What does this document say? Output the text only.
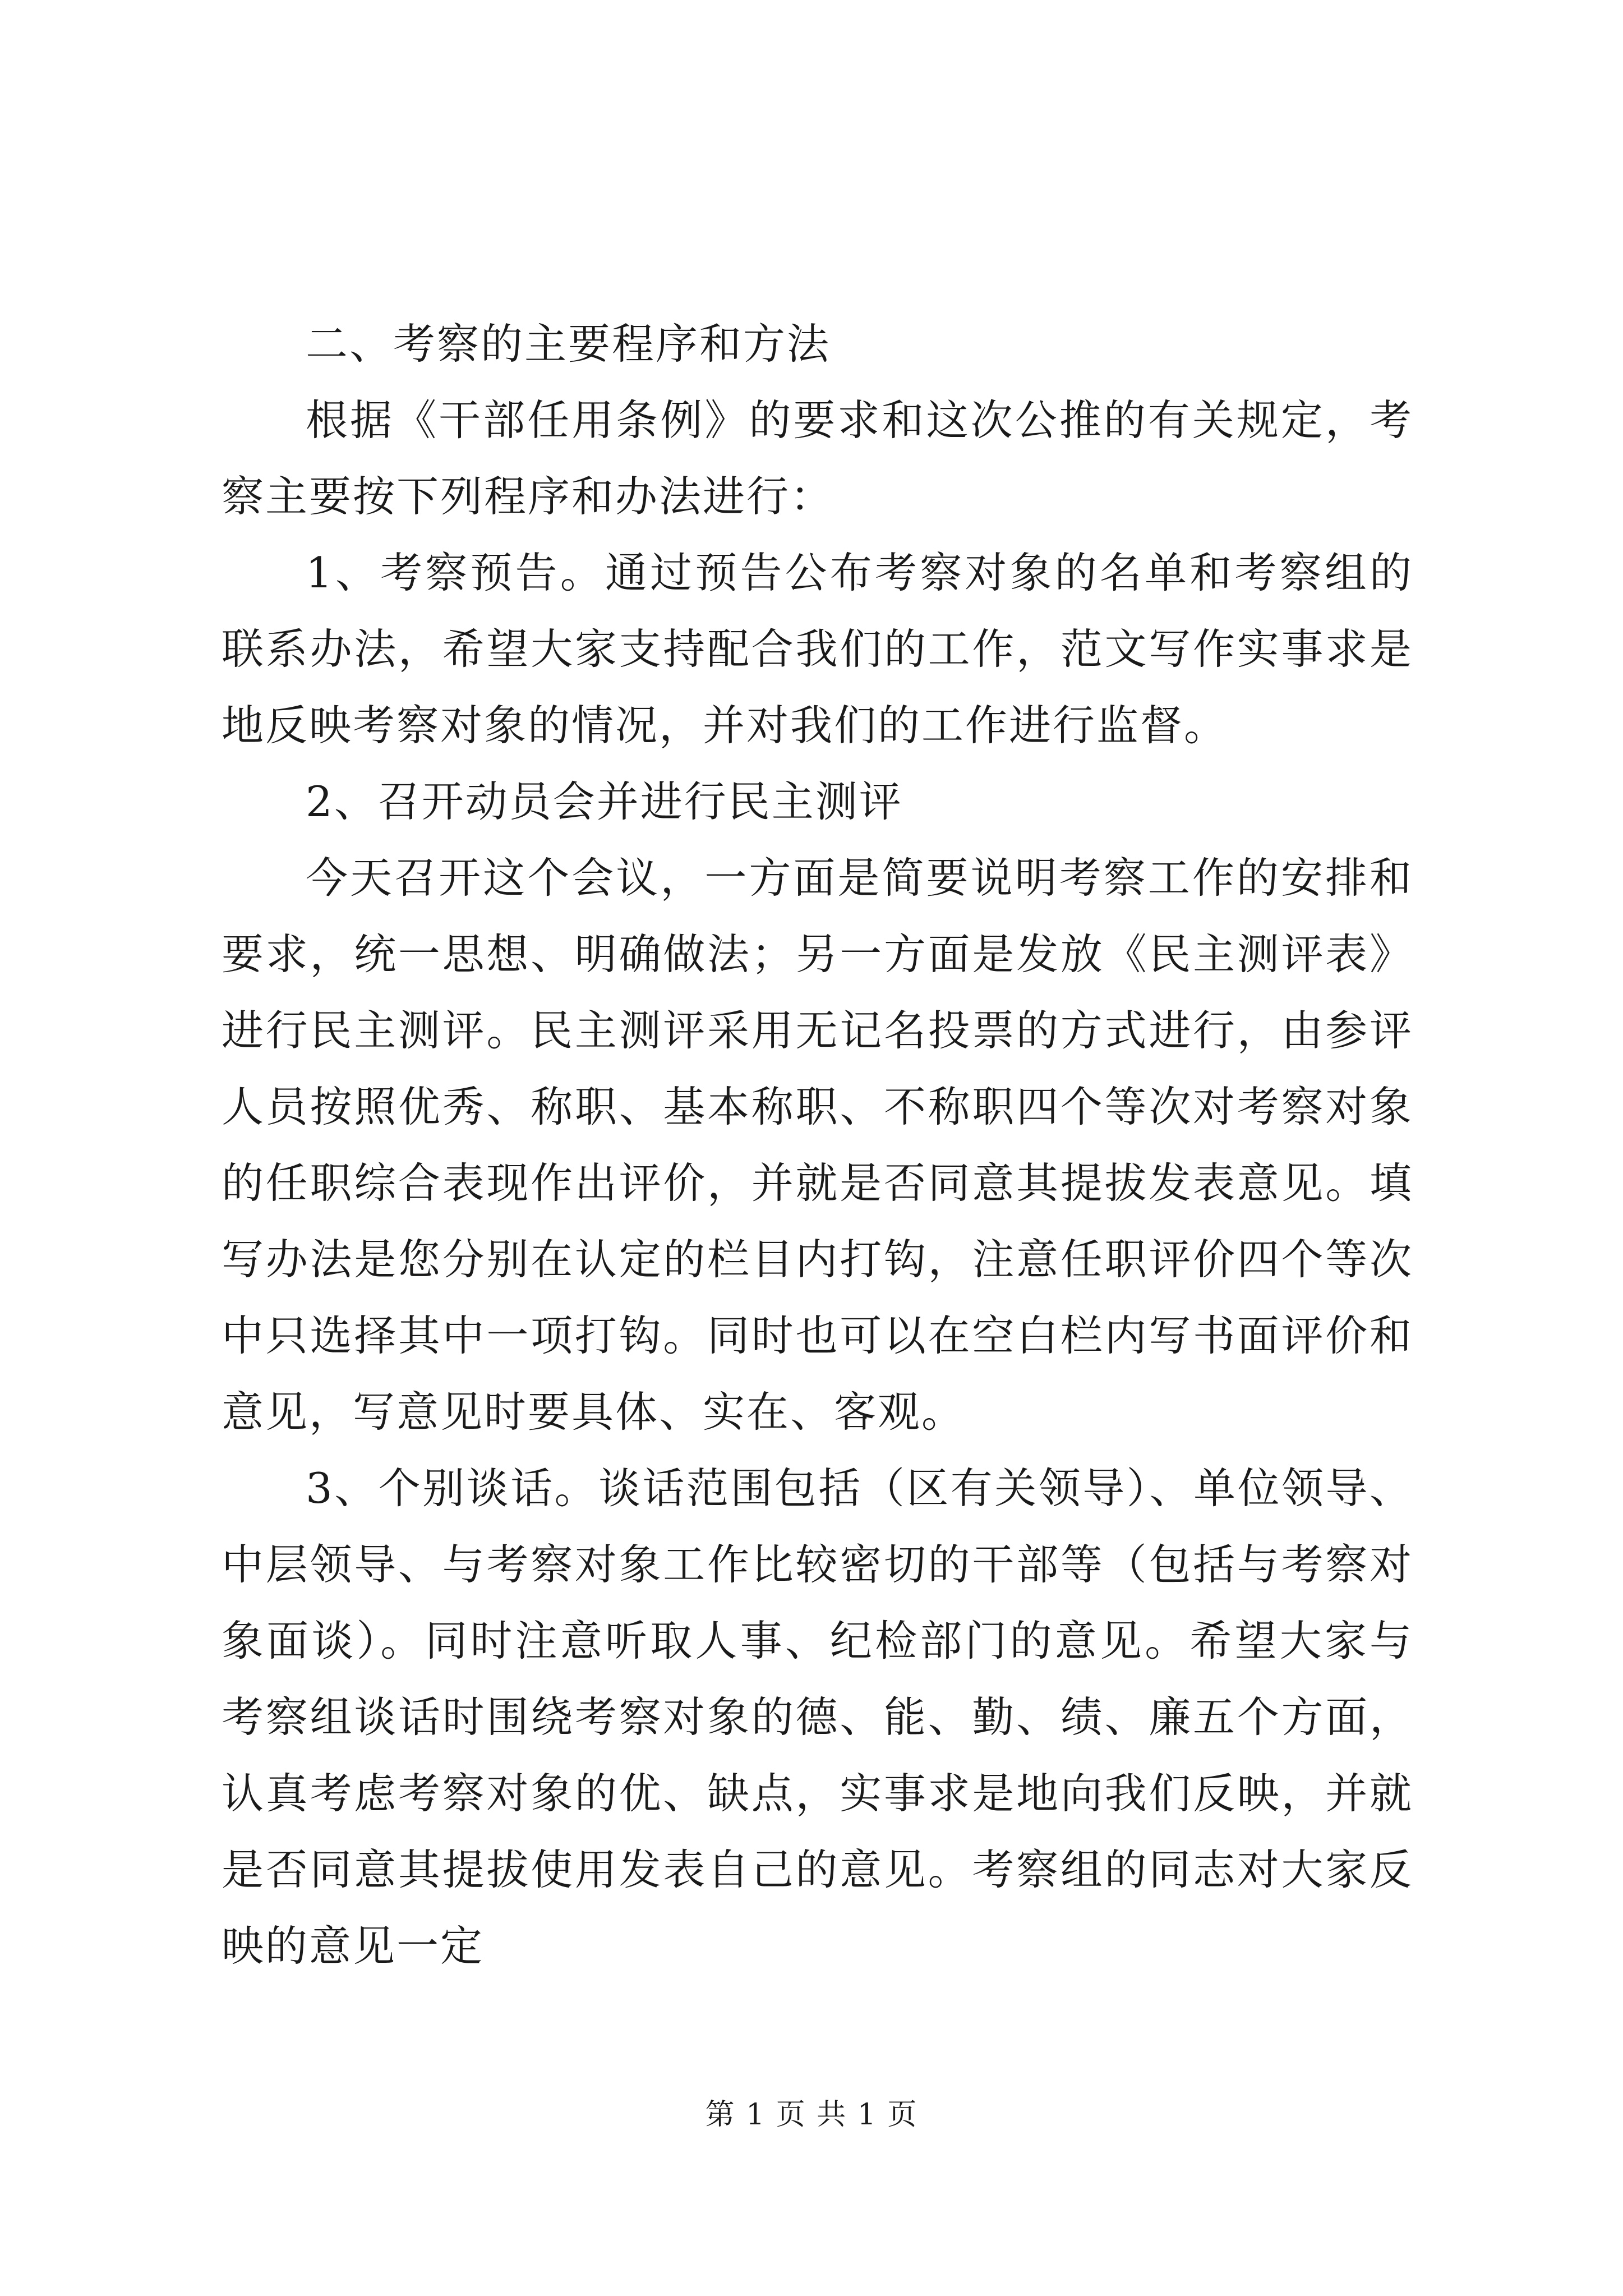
二、考察的主要程序和方法

根据《干部任用条例》的要求和这次公推的有关规定，考察主要按下列程序和办法进行：

1、考察预告。通过预告公布考察对象的名单和考察组的联系办法，希望大家支持配合我们的工作，范文写作实事求是地反映考察对象的情况，并对我们的工作进行监督。

2、召开动员会并进行民主测评

今天召开这个会议，一方面是简要说明考察工作的安排和要求，统一思想、明确做法；另一方面是发放《民主测评表》进行民主测评。民主测评采用无记名投票的方式进行，由参评人员按照优秀、称职、基本称职、不称职四个等次对考察对象的任职综合表现作出评价，并就是否同意其提拔发表意见。填写办法是您分别在认定的栏目内打钩，注意任职评价四个等次中只选择其中一项打钩。同时也可以在空白栏内写书面评价和意见，写意见时要具体、实在、客观。

3、个别谈话。谈话范围包括（区有关领导）、单位领导、中层领导、与考察对象工作比较密切的干部等（包括与考察对象面谈）。同时注意听取人事、纪检部门的意见。希望大家与考察组谈话时围绕考察对象的德、能、勤、绩、廉五个方面，认真考虑考察对象的优、缺点，实事求是地向我们反映，并就是否同意其提拔使用发表自己的意见。考察组的同志对大家反映的意见一定

第 1 页 共 1 页
